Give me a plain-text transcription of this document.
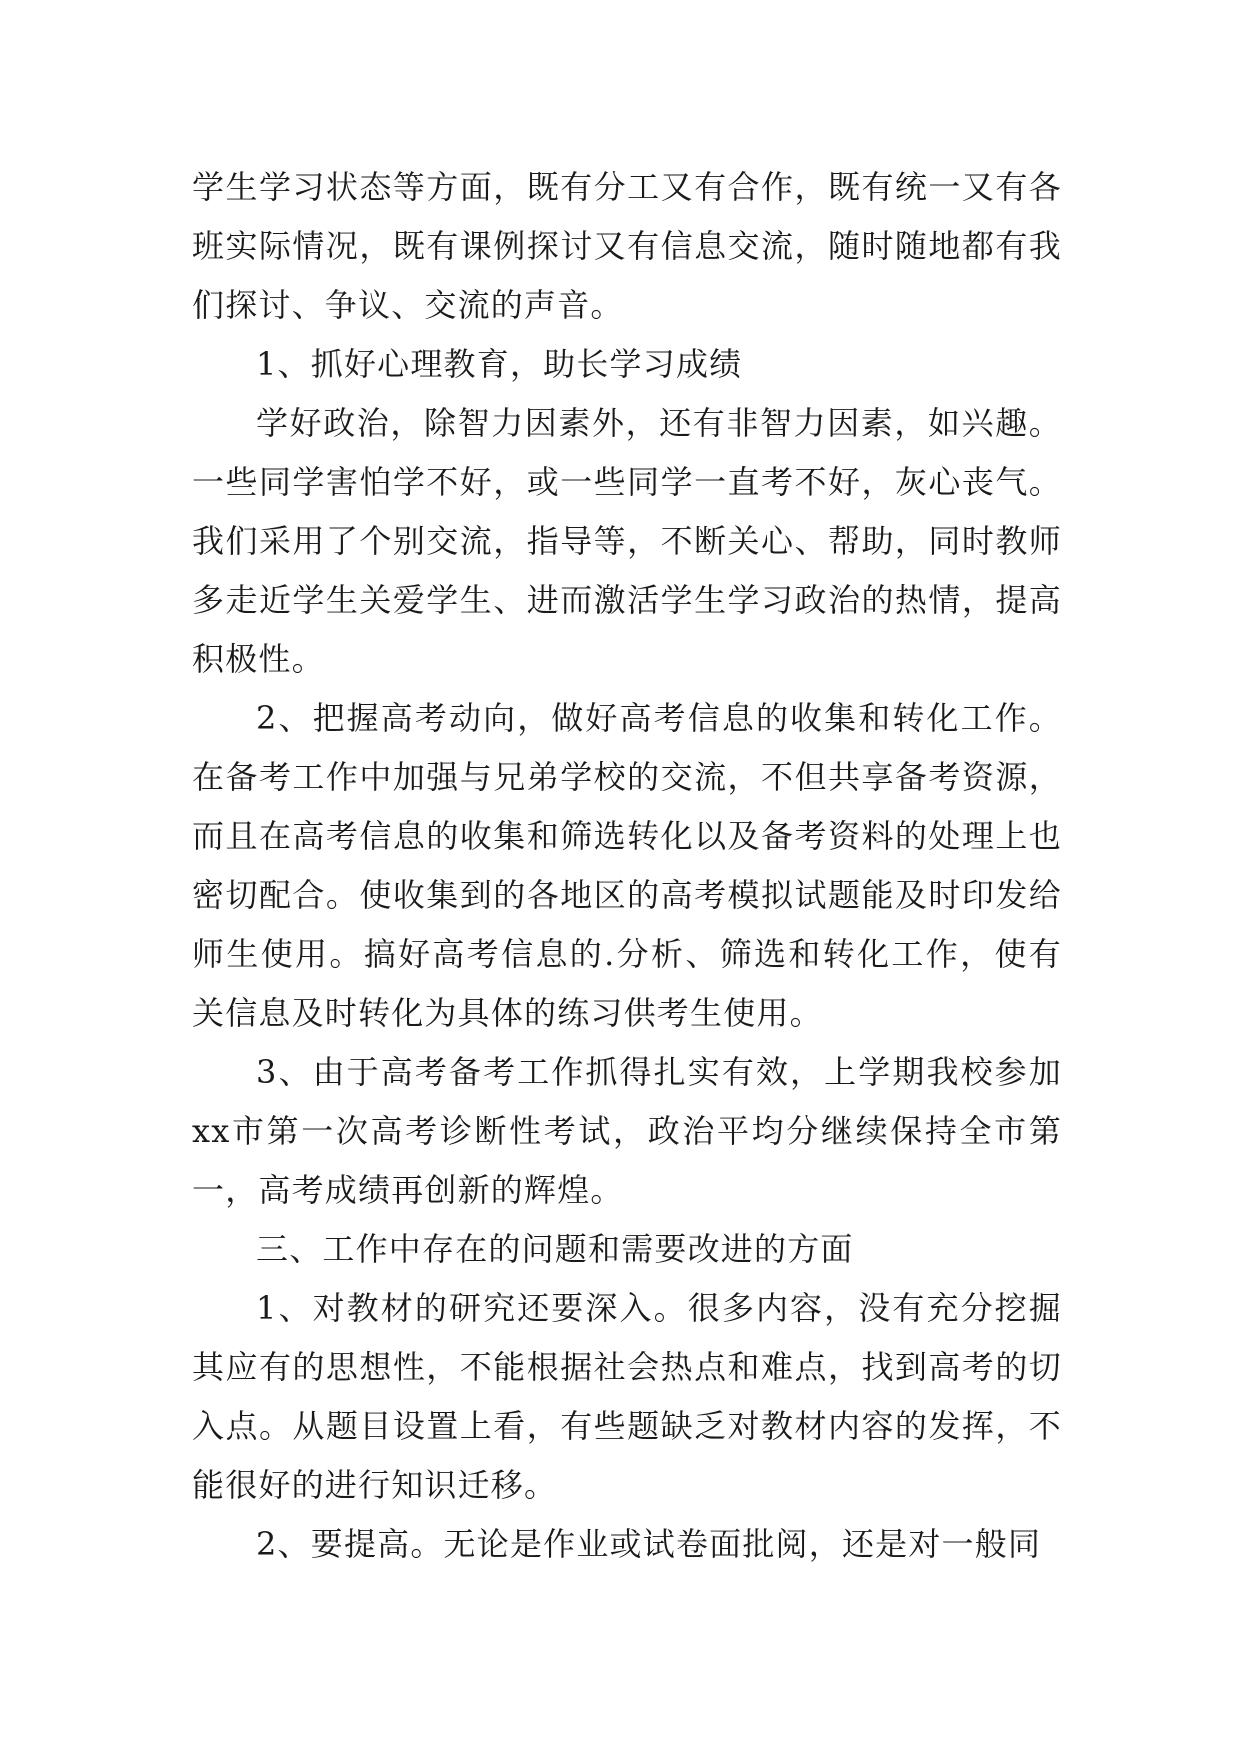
学生学习状态等方面，既有分工又有合作，既有统一又有各班实际情况，既有课例探讨又有信息交流，随时随地都有我们探讨、争议、交流的声音。

1、抓好心理教育，助长学习成绩

学好政治，除智力因素外，还有非智力因素，如兴趣。一些同学害怕学不好，或一些同学一直考不好，灰心丧气。我们采用了个别交流，指导等，不断关心、帮助，同时教师多走近学生关爱学生、进而激活学生学习政治的热情，提高积极性。

2、把握高考动向，做好高考信息的收集和转化工作。在备考工作中加强与兄弟学校的交流，不但共享备考资源，而且在高考信息的收集和筛选转化以及备考资料的处理上也密切配合。使收集到的各地区的高考模拟试题能及时印发给师生使用。搞好高考信息的.分析、筛选和转化工作，使有关信息及时转化为具体的练习供考生使用。

3、由于高考备考工作抓得扎实有效，上学期我校参加xx市第一次高考诊断性考试，政治平均分继续保持全市第一，高考成绩再创新的辉煌。

三、工作中存在的问题和需要改进的方面

1、对教材的研究还要深入。很多内容，没有充分挖掘其应有的思想性，不能根据社会热点和难点，找到高考的切入点。从题目设置上看，有些题缺乏对教材内容的发挥，不能很好的进行知识迁移。

2、要提高。无论是作业或试卷面批阅，还是对一般同
